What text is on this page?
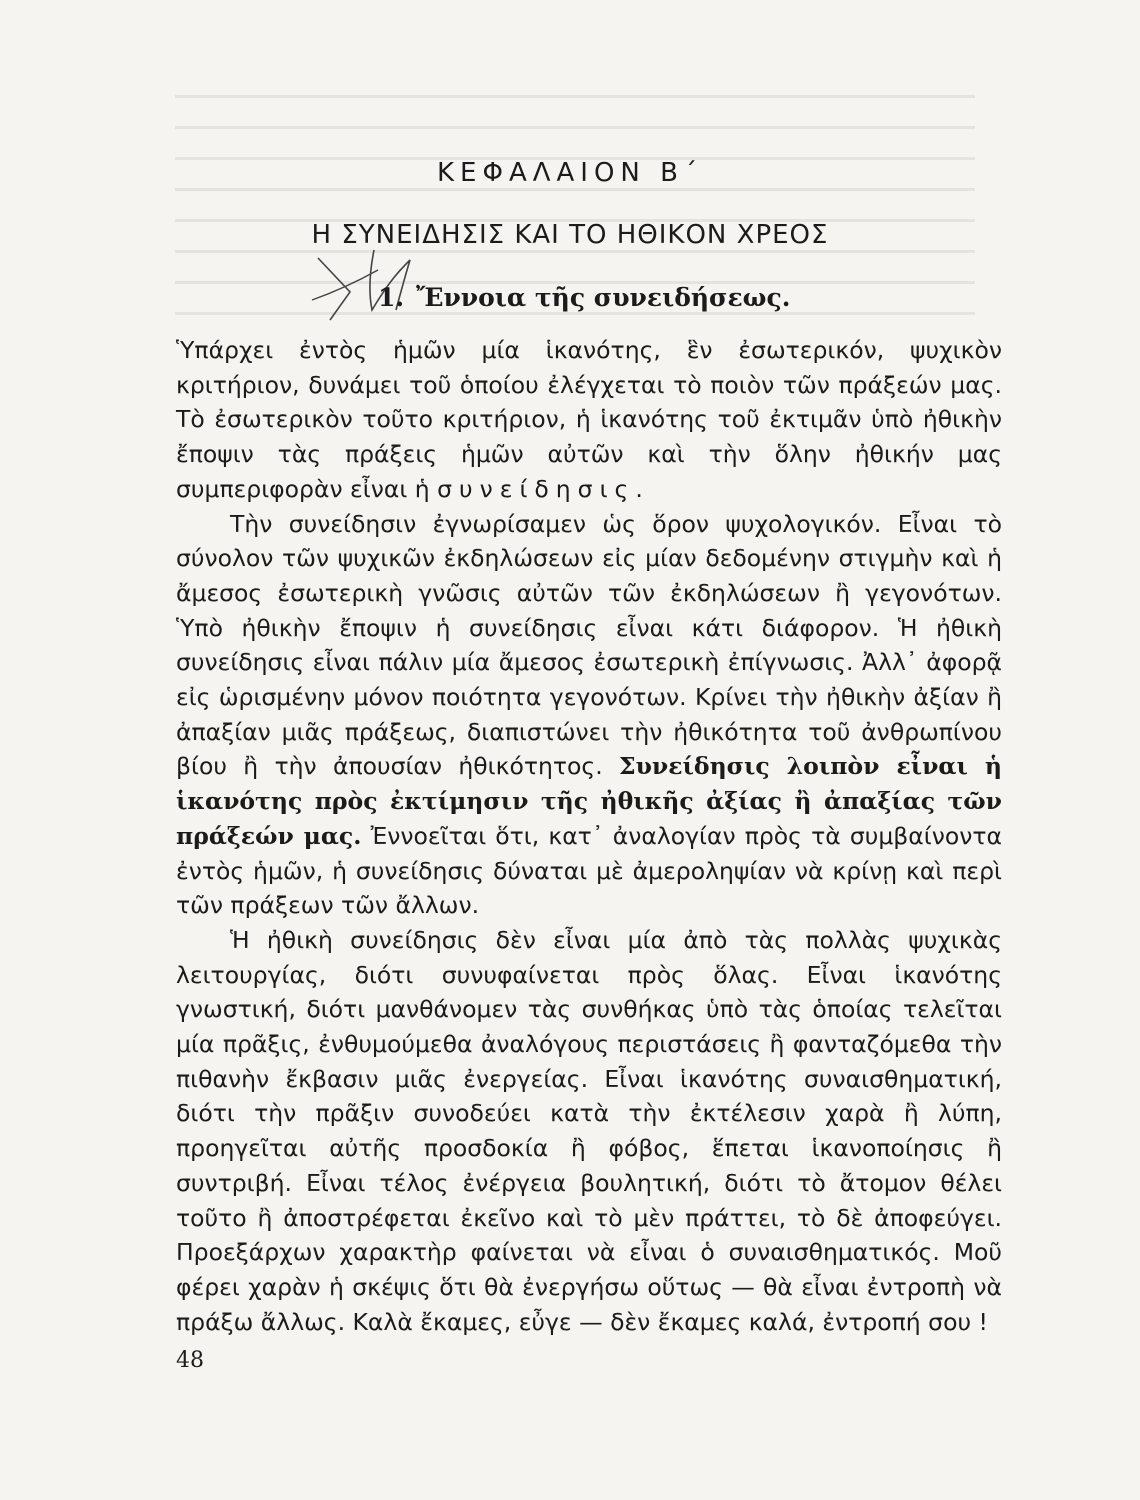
ΚΕΦΑΛΑΙΟΝ Β΄
Η ΣΥΝΕΙΔΗΣΙΣ ΚΑΙ ΤΟ ΗΘΙΚΟΝ ΧΡΕΟΣ
1. Ἔννοια τῆς συνειδήσεως.

Ὑπάρχει ἐντὸς ἡμῶν μία ἱκανότης, ἓν ἐσωτερικόν, ψυχικὸν κριτήριον, δυνάμει τοῦ ὁποίου ἐλέγχεται τὸ ποιὸν τῶν πράξεών μας. Τὸ ἐσωτερικὸν τοῦτο κριτήριον, ἡ ἱκανότης τοῦ ἐκτιμᾶν ὑπὸ ἠθικὴν ἔποψιν τὰς πράξεις ἡμῶν αὐτῶν καὶ τὴν ὅλην ἠθικήν μας συμπεριφορὰν εἶναι ἡ συνείδησις.

Τὴν συνείδησιν ἐγνωρίσαμεν ὡς ὅρον ψυχολογικόν. Εἶναι τὸ σύνολον τῶν ψυχικῶν ἐκδηλώσεων εἰς μίαν δεδομένην στιγμὴν καὶ ἡ ἄμεσος ἐσωτερικὴ γνῶσις αὐτῶν τῶν ἐκδηλώσεων ἢ γεγονότων. Ὑπὸ ἠθικὴν ἔποψιν ἡ συνείδησις εἶναι κάτι διάφορον. Ἡ ἠθικὴ συνείδησις εἶναι πάλιν μία ἄμεσος ἐσωτερικὴ ἐπίγνωσις. Ἀλλ᾽ ἀφορᾷ εἰς ὡρισμένην μόνον ποιότητα γεγονότων. Κρίνει τὴν ἠθικὴν ἀξίαν ἢ ἀπαξίαν μιᾶς πράξεως, διαπιστώνει τὴν ἠθικότητα τοῦ ἀνθρωπίνου βίου ἢ τὴν ἀπουσίαν ἠθικότητος. Συνείδησις λοιπὸν εἶναι ἡ ἱκανότης πρὸς ἐκτίμησιν τῆς ἠθικῆς ἀξίας ἢ ἀπαξίας τῶν πράξεών μας. Ἐννοεῖται ὅτι, κατ᾽ ἀναλογίαν πρὸς τὰ συμβαίνοντα ἐντὸς ἡμῶν, ἡ συνείδησις δύναται μὲ ἀμεροληψίαν νὰ κρίνῃ καὶ περὶ τῶν πράξεων τῶν ἄλλων.

Ἡ ἠθικὴ συνείδησις δὲν εἶναι μία ἀπὸ τὰς πολλὰς ψυχικὰς λειτουργίας, διότι συνυφαίνεται πρὸς ὅλας. Εἶναι ἱκανότης γνωστική, διότι μανθάνομεν τὰς συνθήκας ὑπὸ τὰς ὁποίας τελεῖται μία πρᾶξις, ἐνθυμούμεθα ἀναλόγους περιστάσεις ἢ φανταζόμεθα τὴν πιθανὴν ἔκβασιν μιᾶς ἐνεργείας. Εἶναι ἱκανότης συναισθηματική, διότι τὴν πρᾶξιν συνοδεύει κατὰ τὴν ἐκτέλεσιν χαρὰ ἢ λύπη, προηγεῖται αὐτῆς προσδοκία ἢ φόβος, ἕπεται ἱκανοποίησις ἢ συντριβή. Εἶναι τέλος ἐνέργεια βουλητική, διότι τὸ ἄτομον θέλει τοῦτο ἢ ἀποστρέφεται ἐκεῖνο καὶ τὸ μὲν πράττει, τὸ δὲ ἀποφεύγει. Προεξάρχων χαρακτὴρ φαίνεται νὰ εἶναι ὁ συναισθηματικός. Μοῦ φέρει χαρὰν ἡ σκέψις ὅτι θὰ ἐνεργήσω οὕτως — θὰ εἶναι ἐντροπὴ νὰ πράξω ἄλλως. Καλὰ ἔκαμες, εὖγε — δὲν ἔκαμες καλά, ἐντροπή σου !

48
